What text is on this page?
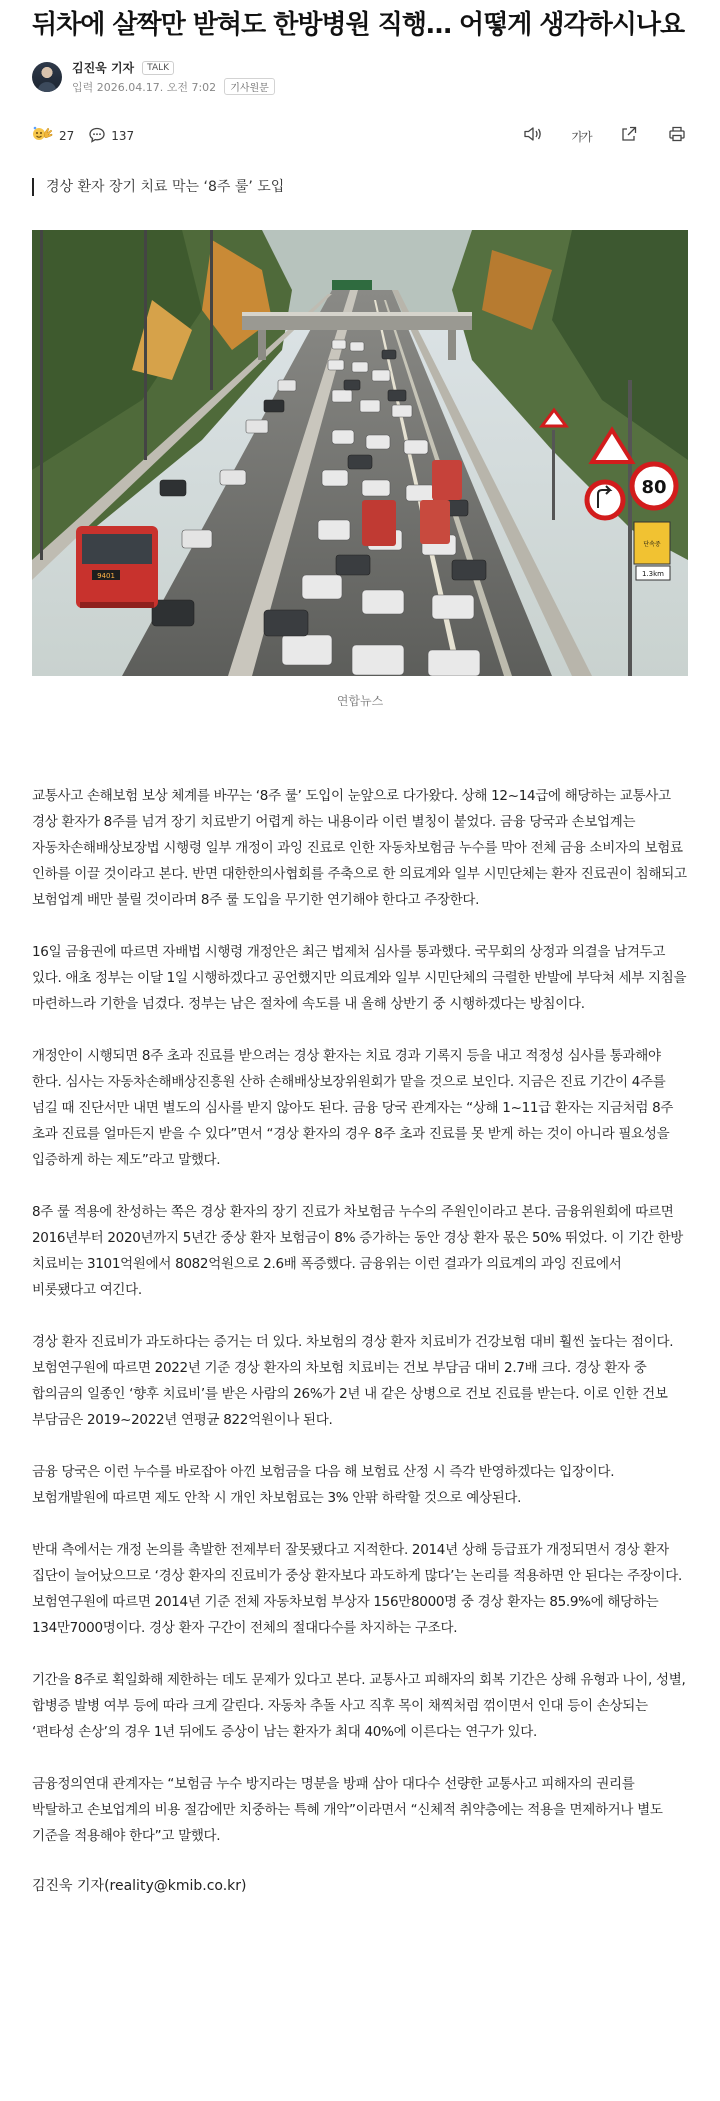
뒤차에 살짝만 받혀도 한방병원 직행… 어떻게 생각하시나요
김진욱 기자	TALK
입력 2026.04.17. 오전 7:02	기사원문
27	137	가가
경상 환자 장기 치료 막는 ‘8주 룰’ 도입
9401
80
단속중
1.3km
연합뉴스

교통사고 손해보험 보상 체계를 바꾸는 ‘8주 룰’ 도입이 눈앞으로 다가왔다. 상해 12~14급에 해당하는 교통사고 경상 환자가 8주를 넘겨 장기 치료받기 어렵게 하는 내용이라 이런 별칭이 붙었다. 금융 당국과 손보업계는 자동차손해배상보장법 시행령 일부 개정이 과잉 진료로 인한 자동차보험금 누수를 막아 전체 금융 소비자의 보험료 인하를 이끌 것이라고 본다. 반면 대한한의사협회를 주축으로 한 의료계와 일부 시민단체는 환자 진료권이 침해되고 보험업계 배만 불릴 것이라며 8주 룰 도입을 무기한 연기해야 한다고 주장한다.

16일 금융권에 따르면 자배법 시행령 개정안은 최근 법제처 심사를 통과했다. 국무회의 상정과 의결을 남겨두고 있다. 애초 정부는 이달 1일 시행하겠다고 공언했지만 의료계와 일부 시민단체의 극렬한 반발에 부닥쳐 세부 지침을 마련하느라 기한을 넘겼다. 정부는 남은 절차에 속도를 내 올해 상반기 중 시행하겠다는 방침이다.

개정안이 시행되면 8주 초과 진료를 받으려는 경상 환자는 치료 경과 기록지 등을 내고 적정성 심사를 통과해야 한다. 심사는 자동차손해배상진흥원 산하 손해배상보장위원회가 맡을 것으로 보인다. 지금은 진료 기간이 4주를 넘길 때 진단서만 내면 별도의 심사를 받지 않아도 된다. 금융 당국 관계자는 “상해 1~11급 환자는 지금처럼 8주 초과 진료를 얼마든지 받을 수 있다”면서 “경상 환자의 경우 8주 초과 진료를 못 받게 하는 것이 아니라 필요성을 입증하게 하는 제도”라고 말했다.

8주 룰 적용에 찬성하는 쪽은 경상 환자의 장기 진료가 차보험금 누수의 주원인이라고 본다. 금융위원회에 따르면 2016년부터 2020년까지 5년간 중상 환자 보험금이 8% 증가하는 동안 경상 환자 몫은 50% 뛰었다. 이 기간 한방 치료비는 3101억원에서 8082억원으로 2.6배 폭증했다. 금융위는 이런 결과가 의료계의 과잉 진료에서 비롯됐다고 여긴다.

경상 환자 진료비가 과도하다는 증거는 더 있다. 차보험의 경상 환자 치료비가 건강보험 대비 훨씬 높다는 점이다. 보험연구원에 따르면 2022년 기준 경상 환자의 차보험 치료비는 건보 부담금 대비 2.7배 크다. 경상 환자 중 합의금의 일종인 ‘향후 치료비’를 받은 사람의 26%가 2년 내 같은 상병으로 건보 진료를 받는다. 이로 인한 건보 부담금은 2019~2022년 연평균 822억원이나 된다.

금융 당국은 이런 누수를 바로잡아 아낀 보험금을 다음 해 보험료 산정 시 즉각 반영하겠다는 입장이다. 보험개발원에 따르면 제도 안착 시 개인 차보험료는 3% 안팎 하락할 것으로 예상된다.

반대 측에서는 개정 논의를 촉발한 전제부터 잘못됐다고 지적한다. 2014년 상해 등급표가 개정되면서 경상 환자 집단이 늘어났으므로 ‘경상 환자의 진료비가 중상 환자보다 과도하게 많다’는 논리를 적용하면 안 된다는 주장이다. 보험연구원에 따르면 2014년 기준 전체 자동차보험 부상자 156만8000명 중 경상 환자는 85.9%에 해당하는 134만7000명이다. 경상 환자 구간이 전체의 절대다수를 차지하는 구조다.

기간을 8주로 획일화해 제한하는 데도 문제가 있다고 본다. 교통사고 피해자의 회복 기간은 상해 유형과 나이, 성별, 합병증 발병 여부 등에 따라 크게 갈린다. 자동차 추돌 사고 직후 목이 채찍처럼 꺾이면서 인대 등이 손상되는 ‘편타성 손상’의 경우 1년 뒤에도 증상이 남는 환자가 최대 40%에 이른다는 연구가 있다.

금융정의연대 관계자는 “보험금 누수 방지라는 명분을 방패 삼아 대다수 선량한 교통사고 피해자의 권리를 박탈하고 손보업계의 비용 절감에만 치중하는 특혜 개악”이라면서 “신체적 취약층에는 적용을 면제하거나 별도 기준을 적용해야 한다”고 말했다.

김진욱 기자(reality@kmib.co.kr)
